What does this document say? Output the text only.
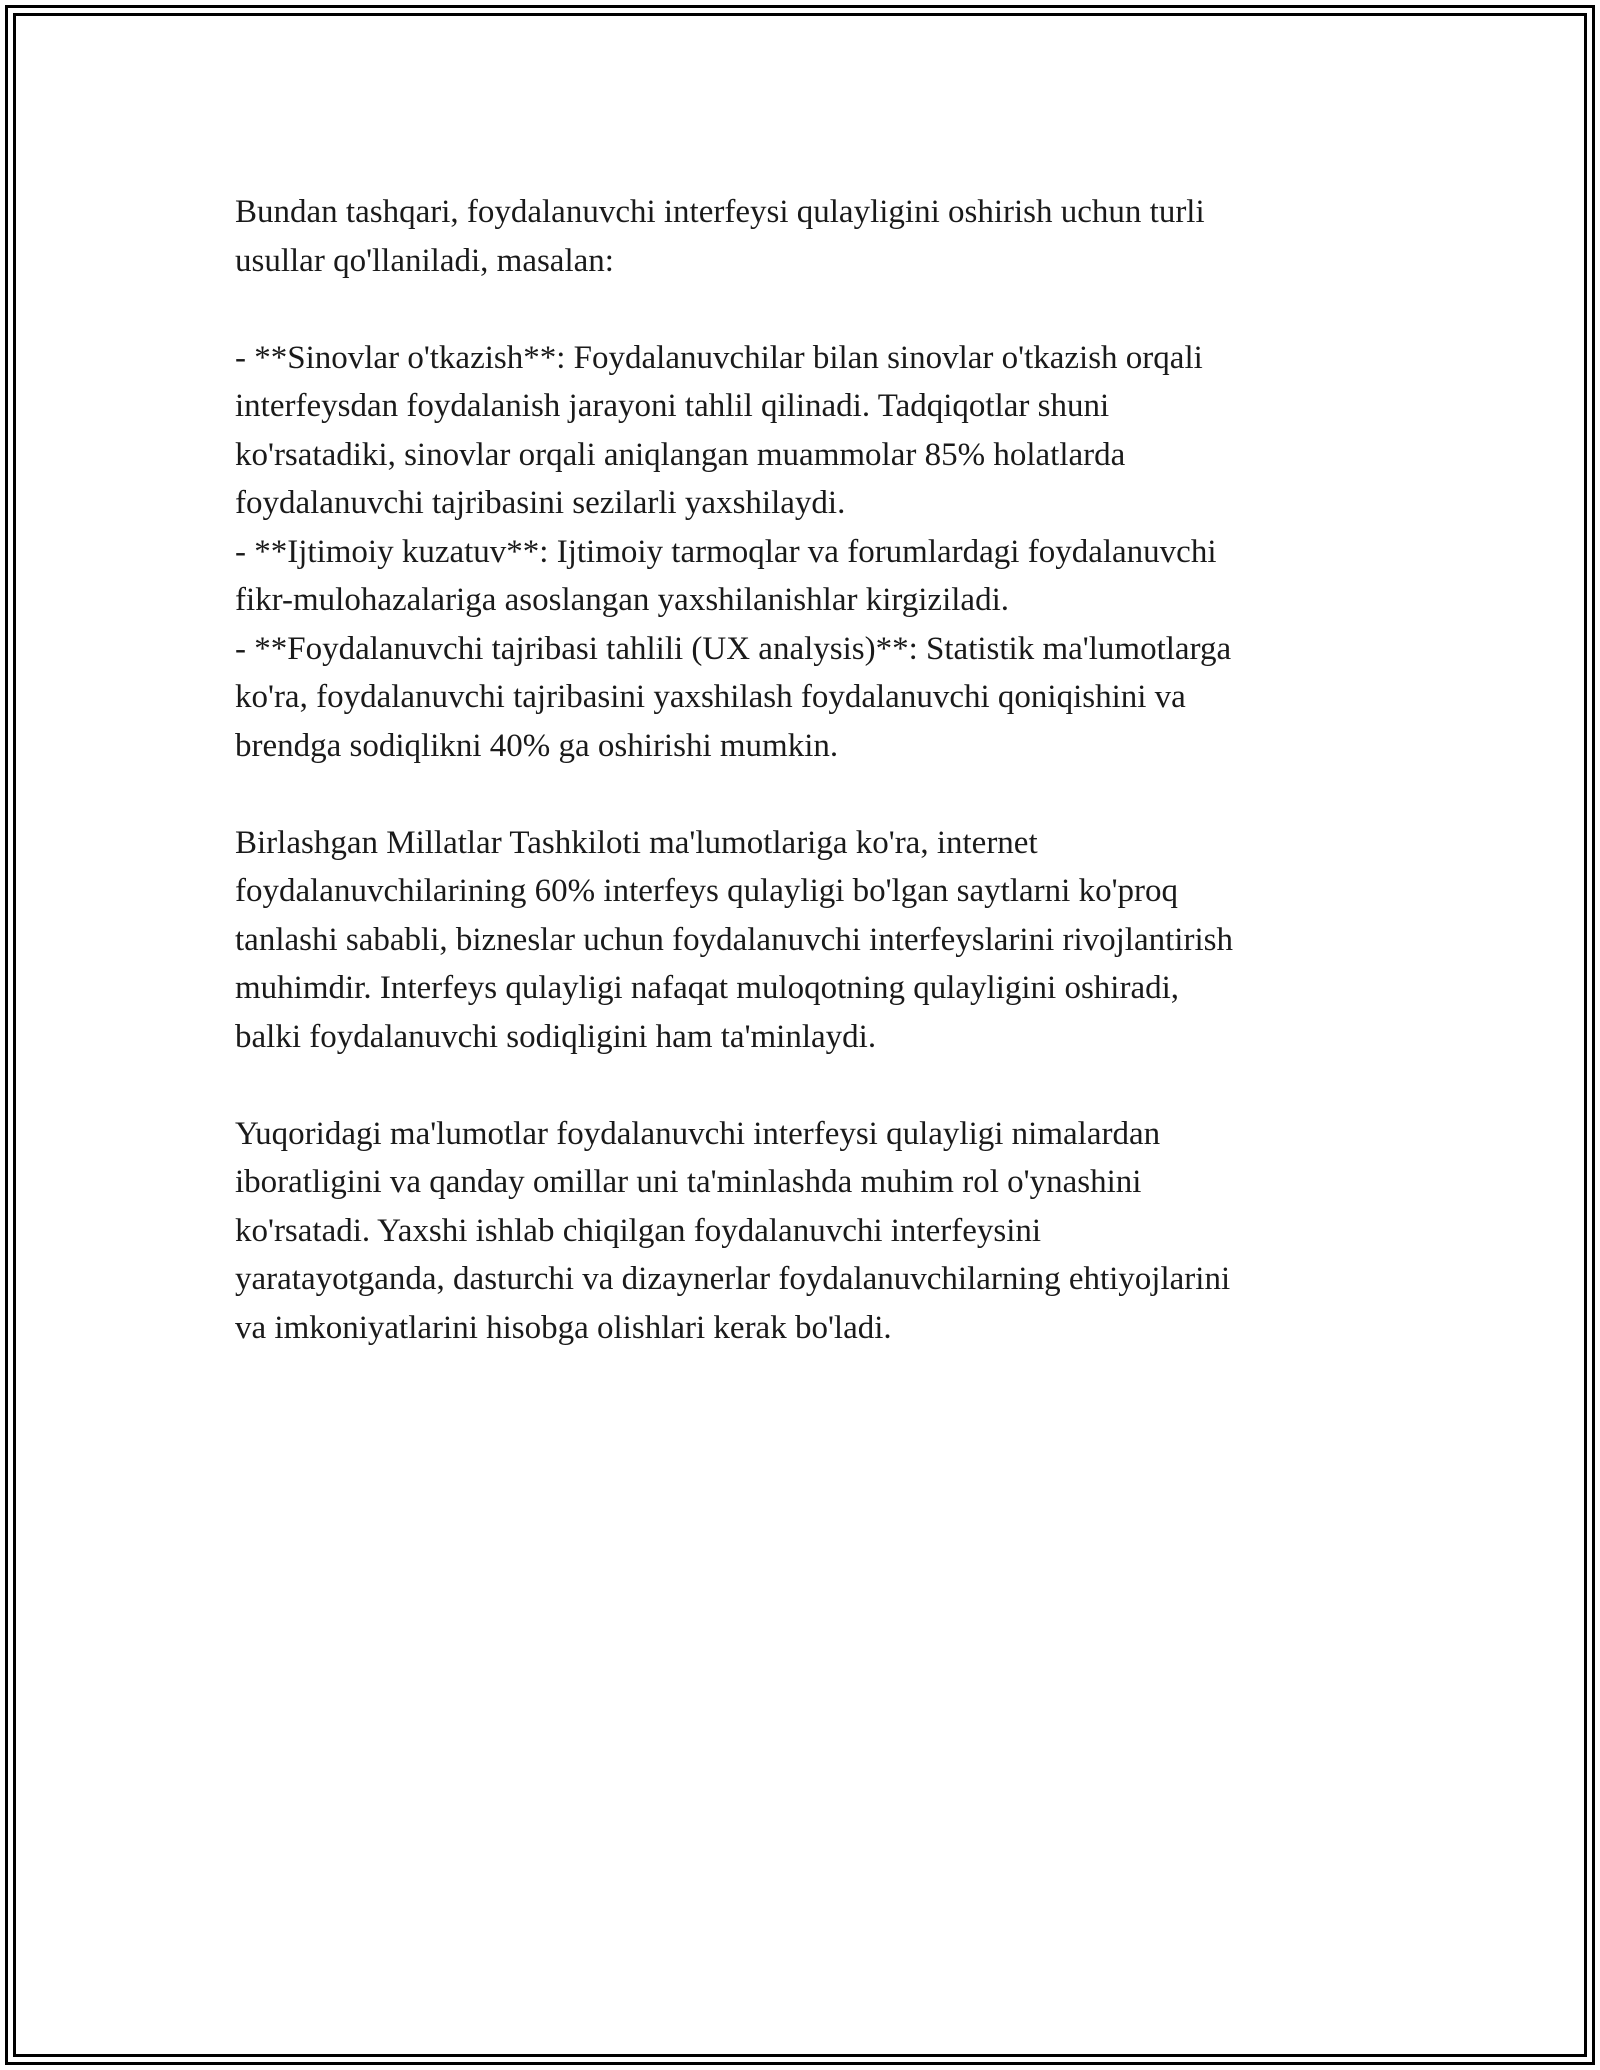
Bundan tashqari, foydalanuvchi interfeysi qulayligini oshirish uchun turli
usullar qo'llaniladi, masalan:

- **Sinovlar o'tkazish**: Foydalanuvchilar bilan sinovlar o'tkazish orqali
interfeysdan foydalanish jarayoni tahlil qilinadi. Tadqiqotlar shuni
ko'rsatadiki, sinovlar orqali aniqlangan muammolar 85% holatlarda
foydalanuvchi tajribasini sezilarli yaxshilaydi.
- **Ijtimoiy kuzatuv**: Ijtimoiy tarmoqlar va forumlardagi foydalanuvchi
fikr-mulohazalariga asoslangan yaxshilanishlar kirgiziladi.
- **Foydalanuvchi tajribasi tahlili (UX analysis)**: Statistik ma'lumotlarga
ko'ra, foydalanuvchi tajribasini yaxshilash foydalanuvchi qoniqishini va
brendga sodiqlikni 40% ga oshirishi mumkin.

Birlashgan Millatlar Tashkiloti ma'lumotlariga ko'ra, internet
foydalanuvchilarining 60% interfeys qulayligi bo'lgan saytlarni ko'proq
tanlashi sababli, bizneslar uchun foydalanuvchi interfeyslarini rivojlantirish
muhimdir. Interfeys qulayligi nafaqat muloqotning qulayligini oshiradi,
balki foydalanuvchi sodiqligini ham ta'minlaydi.

Yuqoridagi ma'lumotlar foydalanuvchi interfeysi qulayligi nimalardan
iboratligini va qanday omillar uni ta'minlashda muhim rol o'ynashini
ko'rsatadi. Yaxshi ishlab chiqilgan foydalanuvchi interfeysini
yaratayotganda, dasturchi va dizaynerlar foydalanuvchilarning ehtiyojlarini
va imkoniyatlarini hisobga olishlari kerak bo'ladi.
